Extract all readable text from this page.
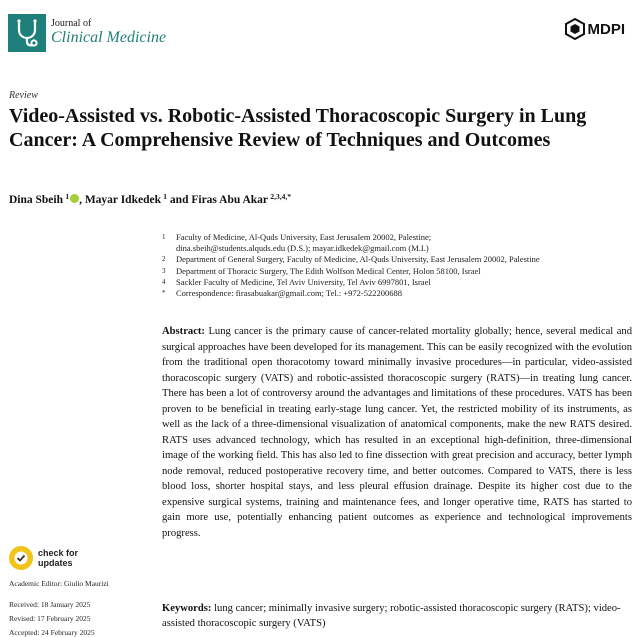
Journal of
Clinical Medicine	MDPI
Review
Video-Assisted vs. Robotic-Assisted Thoracoscopic Surgery in Lung Cancer: A Comprehensive Review of Techniques and Outcomes
Dina Sbeih  $^1$ , Mayar Idkedek  $^1$ and Firas Abu Akar  $^{2,3,4,*}$
1	Faculty of Medicine, Al-Quds University, East Jerusalem 20002, Palestine;
dina.sbeih@students.alquds.edu (D.S.); mayar.idkedek@gmail.com (M.I.)
2	Department of General Surgery, Faculty of Medicine, Al-Quds University, East Jerusalem 20002, Palestine
3	Department of Thoracic Surgery, The Edith Wolfson Medical Center, Holon 58100, Israel
4	Sackler Faculty of Medicine, Tel Aviv University, Tel Aviv 6997801, Israel
*	Correspondence: firasabuakar@gmail.com; Tel.: +972-522200688
Abstract: Lung cancer is the primary cause of cancer-related mortality globally; hence, several medical and surgical approaches have been developed for its management. This can be easily recognized with the evolution from the traditional open thoracotomy toward minimally invasive procedures—in particular, video-assisted thoracoscopic surgery (VATS) and robotic-assisted thoracoscopic surgery (RATS)—in treating lung cancer. There has been a lot of controversy around the advantages and limitations of these procedures. VATS has been proven to be beneficial in treating early-stage lung cancer. Yet, the restricted mobility of its instruments, as well as the lack of a three-dimensional visualization of anatomical components, make the new RATS desired. RATS uses advanced technology, which has resulted in an exceptional high-definition, three-dimensional image of the working field. This has also led to fine dissection with great precision and accuracy, better lymph node removal, reduced postoperative recovery time, and better outcomes. Compared to VATS, there is less blood loss, shorter hospital stays, and less pleural effusion drainage. Despite its higher cost due to the expensive surgical systems, training and maintenance fees, and longer operative time, RATS has started to gain more use, potentially enhancing patient outcomes as experience and technological improvements progress.
Keywords: lung cancer; minimally invasive surgery; robotic-assisted thoracoscopic surgery (RATS); video-assisted thoracoscopic surgery (VATS)
check for
updates
Academic Editor: Giulio Maurizi
Received: 18 January 2025
Revised: 17 February 2025
Accepted: 24 February 2025
